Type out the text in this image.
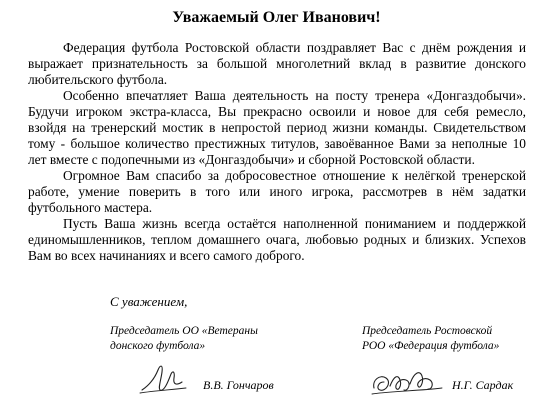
Уважаемый Олег Иванович!

Федерация футбола Ростовской области поздравляет Вас с днём рождения и выражает признательность за большой многолетний вклад в развитие донского любительского футбола.

Особенно впечатляет Ваша деятельность на посту тренера «Донгаздобычи». Будучи игроком экстра-класса, Вы прекрасно освоили и новое для себя ремесло, взойдя на тренерский мостик в непростой период жизни команды. Свидетельством тому - большое количество престижных титулов, завоёванное Вами за неполные 10 лет вместе с подопечными из «Донгаздобычи» и сборной Ростовской области.

Огромное Вам спасибо за добросовестное отношение к нелёгкой тренерской работе, умение поверить в того или иного игрока, рассмотрев в нём задатки футбольного мастера.

Пусть Ваша жизнь всегда остаётся наполненной пониманием и поддержкой единомышленников, теплом домашнего очага, любовью родных и близких. Успехов Вам во всех начинаниях и всего самого доброго.

С уважением,

Председатель ОО «Ветераны
донского футбола»
Председатель Ростовской
РОО «Федерация футбола»
В.В. Гончаров	Н.Г. Сардак
